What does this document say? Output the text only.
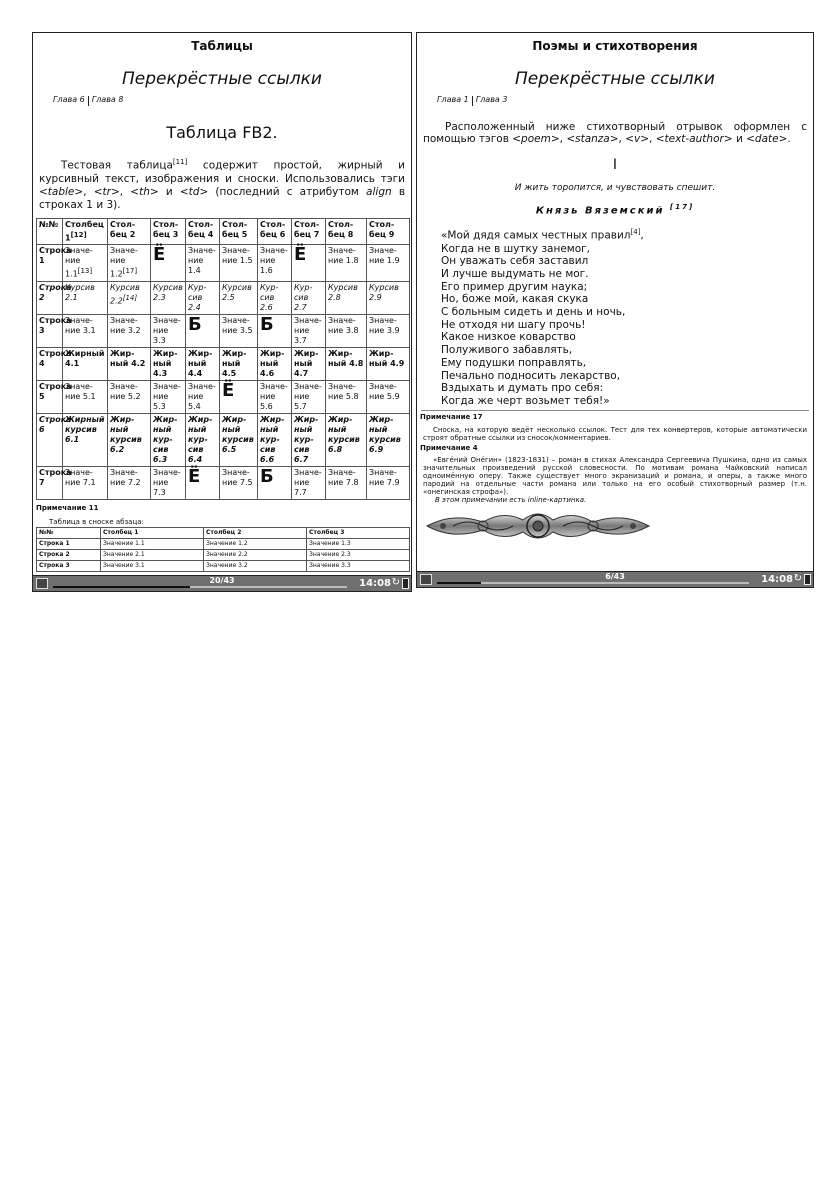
Таблицы
Перекрёстные ссылки
Глава 6 Глава 8
Таблица FB2.

Тестовая таблица[11] содержит простой, жирный и курсивный текст, изображения и сноски. Использовались тэги <table>, <tr>, <th> и <td> (последний с атрибутом align в строках 1 и 3).

№№	Столбец 1[12]	Столбец 2	Столбец 3	Столбец 4	Столбец 5	Столбец 6	Столбец 7	Столбец 8	Столбец 9
Строка 1	Значение 1.1[13]	Значение 1.2[17]	Ё	Значение 1.4	Значение 1.5	Значение 1.6	Ё	Значение 1.8	Значение 1.9
Строка 2	Курсив 2.1	Курсив 2.2[14]	Курсив 2.3	Курсив 2.4	Курсив 2.5	Курсив 2.6	Курсив 2.7	Курсив 2.8	Курсив 2.9
Строка 3	Значение 3.1	Значение 3.2	Значение 3.3	Б	Значение 3.5	Б	Значение 3.7	Значение 3.8	Значение 3.9
Строка 4	Жирный 4.1	Жирный 4.2	Жирный 4.3	Жирный 4.4	Жирный 4.5	Жирный 4.6	Жирный 4.7	Жирный 4.8	Жирный 4.9
Строка 5	Значение 5.1	Значение 5.2	Значение 5.3	Значение 5.4	Ё	Значение 5.6	Значение 5.7	Значение 5.8	Значение 5.9
Строка 6	Жирный курсив 6.1	Жирный курсив 6.2	Жирный курсив 6.3	Жирный курсив 6.4	Жирный курсив 6.5	Жирный курсив 6.6	Жирный курсив 6.7	Жирный курсив 6.8	Жирный курсив 6.9
Строка 7	Значение 7.1	Значение 7.2	Значение 7.3	Ё	Значение 7.5	Б	Значение 7.7	Значение 7.8	Значение 7.9
Примечание 11
Таблица в сноске абзаца:
№№	Столбец 1	Столбец 2	Столбец 3
Строка 1	Значение 1.1	Значение 1.2	Значение 1.3
Строка 2	Значение 2.1	Значение 2.2	Значение 2.3
Строка 3	Значение 3.1	Значение 3.2	Значение 3.3
20/43	14:08 ↻
Поэмы и стихотворения
Перекрёстные ссылки
Глава 1 Глава 3

Расположенный ниже стихотворный отрывок оформлен с помощью тэгов <poem>, <stanza>, <v>, <text-author> и <date>.

I
И жить торопится, и чувствовать спешит.
Князь Вяземский [17]
«Мой дядя самых честных правил[4],
Когда не в шутку занемог,
Он уважать себя заставил
И лучше выдумать не мог.
Его пример другим наука;
Но, боже мой, какая скука
С больным сидеть и день и ночь,
Не отходя ни шагу прочь!
Какое низкое коварство
Полуживого забавлять,
Ему подушки поправлять,
Печально подносить лекарство,
Вздыхать и думать про себя:
Когда же черт возьмет тебя!»
Примечание 17
Сноска, на которую ведёт несколько ссылок. Тест для тех конвертеров, которые автоматически строят обратные ссылки из сносок/комментариев.
Примечание 4
«Евге́ний Оне́гин» (1823-1831) – роман в стихах Александра Сергеевича Пушкина, одно из самых значительных произведений русской словесности. По мотивам романа Чайковский написал одноимённую оперу. Также существует много экранизаций и романа, и оперы, а также много пародий на отдельные части романа или только на его особый стихотворный размер (т.н. «онегинская строфа»).
В этом примечании есть inline-картинка.
6/43	14:08 ↻
